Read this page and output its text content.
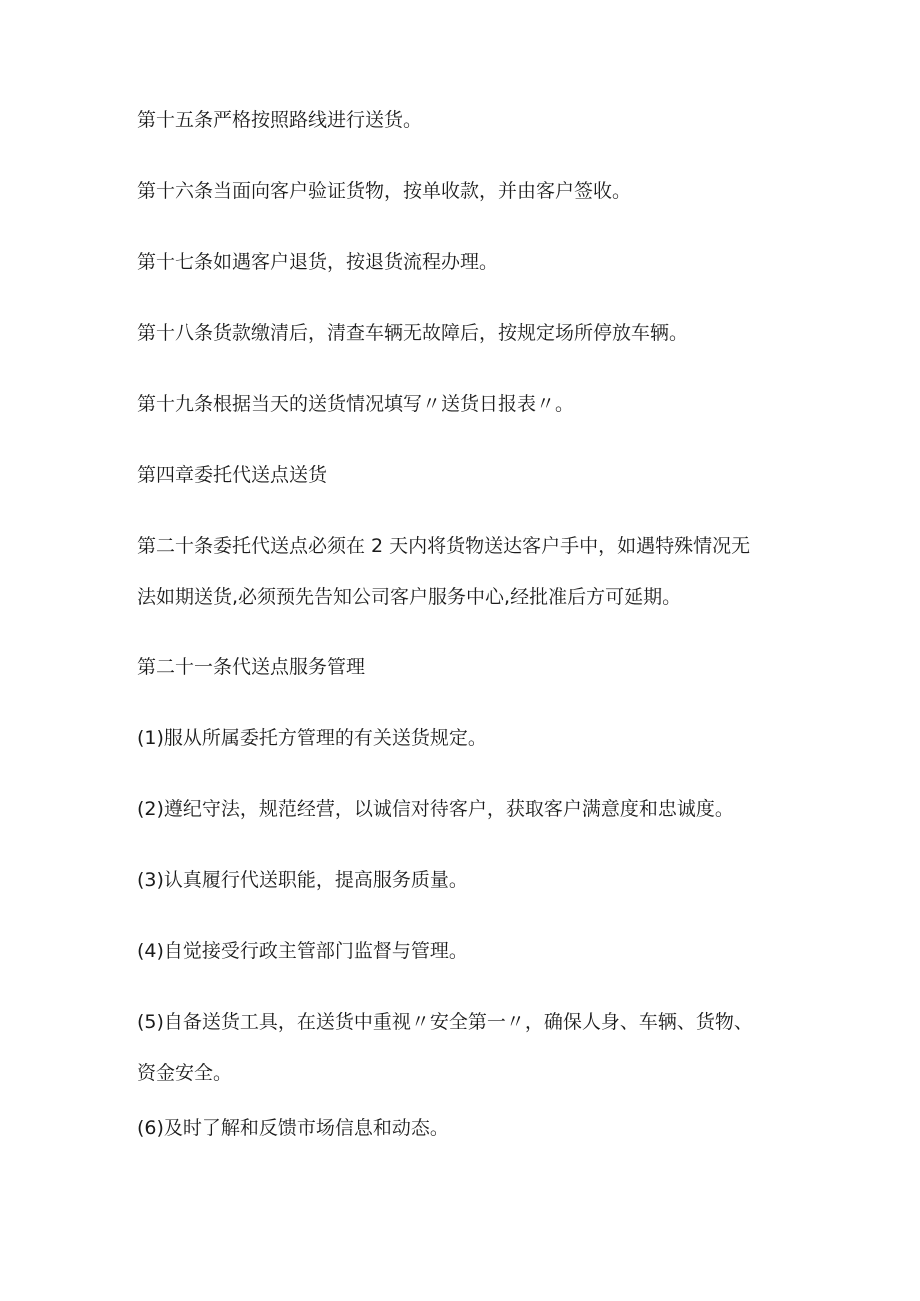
第十五条严格按照路线进行送货。
第十六条当面向客户验证货物，按单收款，并由客户签收。
第十七条如遇客户退货，按退货流程办理。
第十八条货款缴清后，清查车辆无故障后，按规定场所停放车辆。
第十九条根据当天的送货情况填写〃送货日报表〃。
第四章委托代送点送货
第二十条委托代送点必须在 2 天内将货物送达客户手中，如遇特殊情况无
法如期送货,必须预先告知公司客户服务中心,经批准后方可延期。
第二十一条代送点服务管理
(1)服从所属委托方管理的有关送货规定。
(2)遵纪守法，规范经营，以诚信对待客户，获取客户满意度和忠诚度。
(3)认真履行代送职能，提高服务质量。
(4)自觉接受行政主管部门监督与管理。
(5)自备送货工具，在送货中重视〃安全第一〃，确保人身、车辆、货物、
资金安全。
(6)及时了解和反馈市场信息和动态。
